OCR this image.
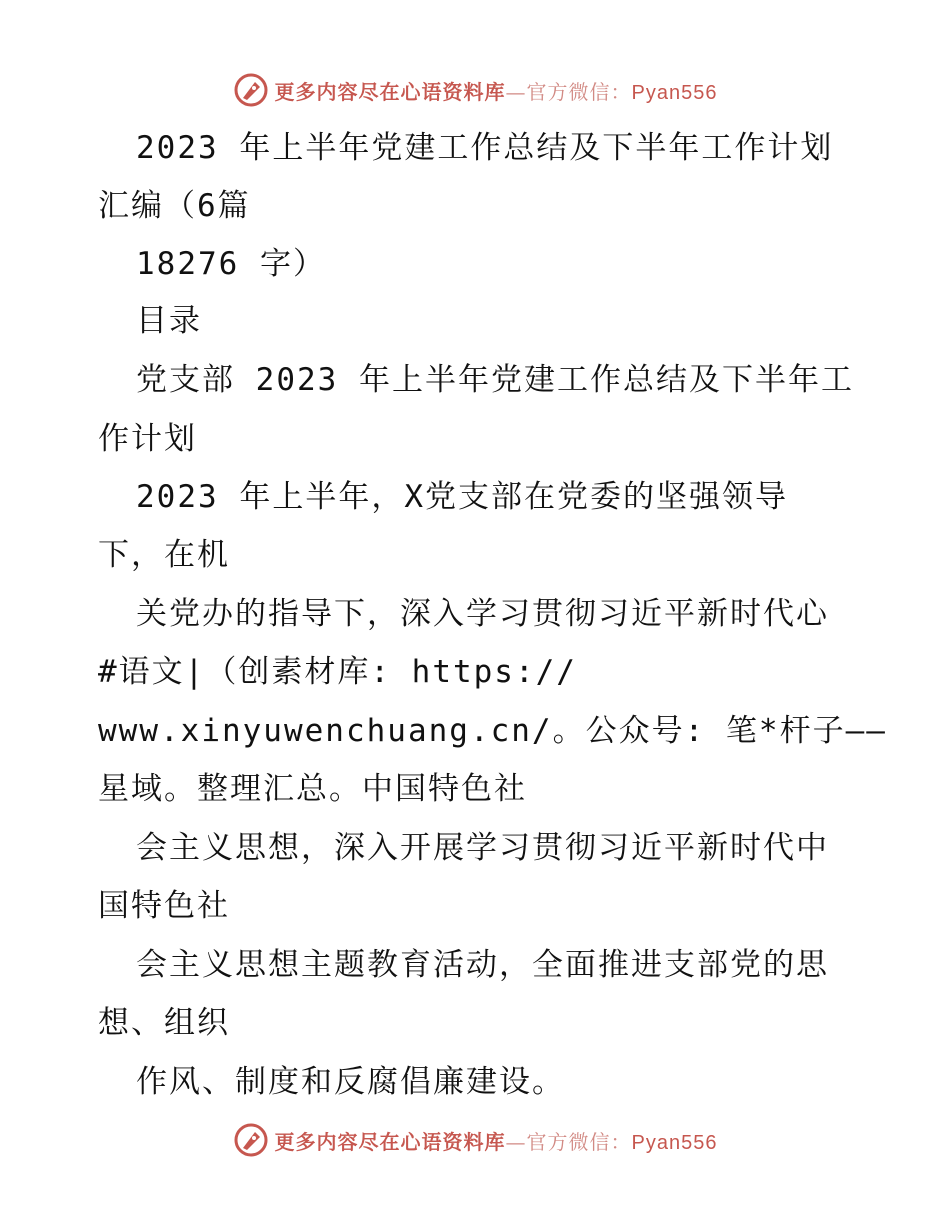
更多内容尽在心语资料库—官方微信：Pyan556
2023 年上半年党建工作总结及下半年工作计划
汇编（6篇
18276 字）
目录
党支部 2023 年上半年党建工作总结及下半年工
作计划
2023 年上半年，X党支部在党委的坚强领导
下，在机
关党办的指导下，深入学习贯彻习近平新时代心
#语文|（创素材库: https://
www.xinyuwenchuang.cn/。公众号: 笔*杆子——
星域。整理汇总。中国特色社
会主义思想，深入开展学习贯彻习近平新时代中
国特色社
会主义思想主题教育活动，全面推进支部党的思
想、组织
作风、制度和反腐倡廉建设。
更多内容尽在心语资料库—官方微信：Pyan556
